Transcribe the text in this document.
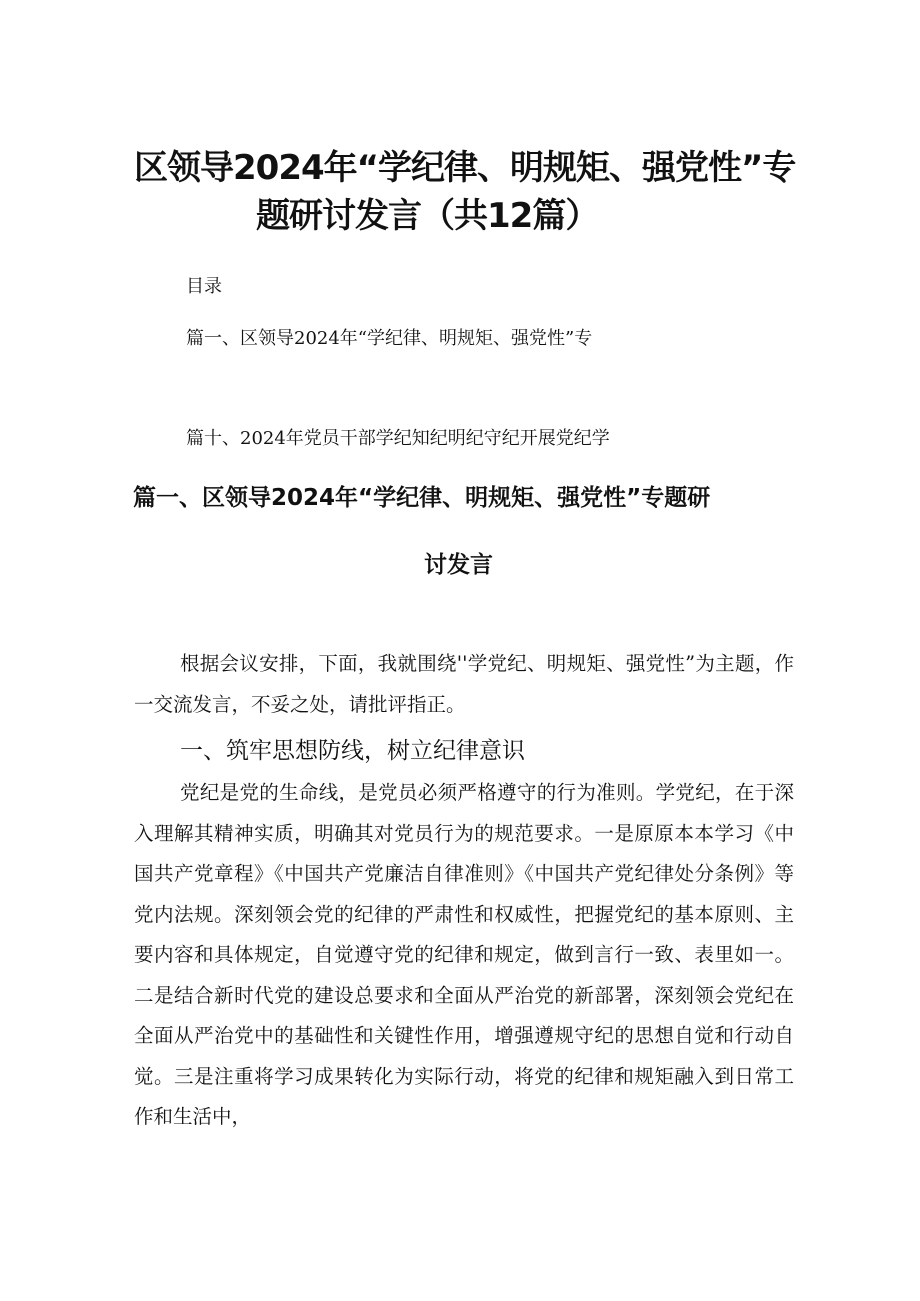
区领导2024年“学纪律、明规矩、强党性”专
题研讨发言（共12篇）
目录
篇一、区领导2024年“学纪律、明规矩、强党性”专
篇十、2024年党员干部学纪知纪明纪守纪开展党纪学
篇一、区领导2024年“学纪律、明规矩、强党性”专题研
讨发言
根据会议安排，下面，我就围绕''学党纪、明规矩、强党性”为主题，作一交流发言，不妥之处，请批评指正。
一、筑牢思想防线，树立纪律意识
党纪是党的生命线，是党员必须严格遵守的行为准则。学党纪，在于深入理解其精神实质，明确其对党员行为的规范要求。一是原原本本学习《中国共产党章程》《中国共产党廉洁自律准则》《中国共产党纪律处分条例》等党内法规。深刻领会党的纪律的严肃性和权威性，把握党纪的基本原则、主要内容和具体规定，自觉遵守党的纪律和规定，做到言行一致、表里如一。二是结合新时代党的建设总要求和全面从严治党的新部署，深刻领会党纪在全面从严治党中的基础性和关键性作用，增强遵规守纪的思想自觉和行动自觉。三是注重将学习成果转化为实际行动，将党的纪律和规矩融入到日常工作和生活中，
